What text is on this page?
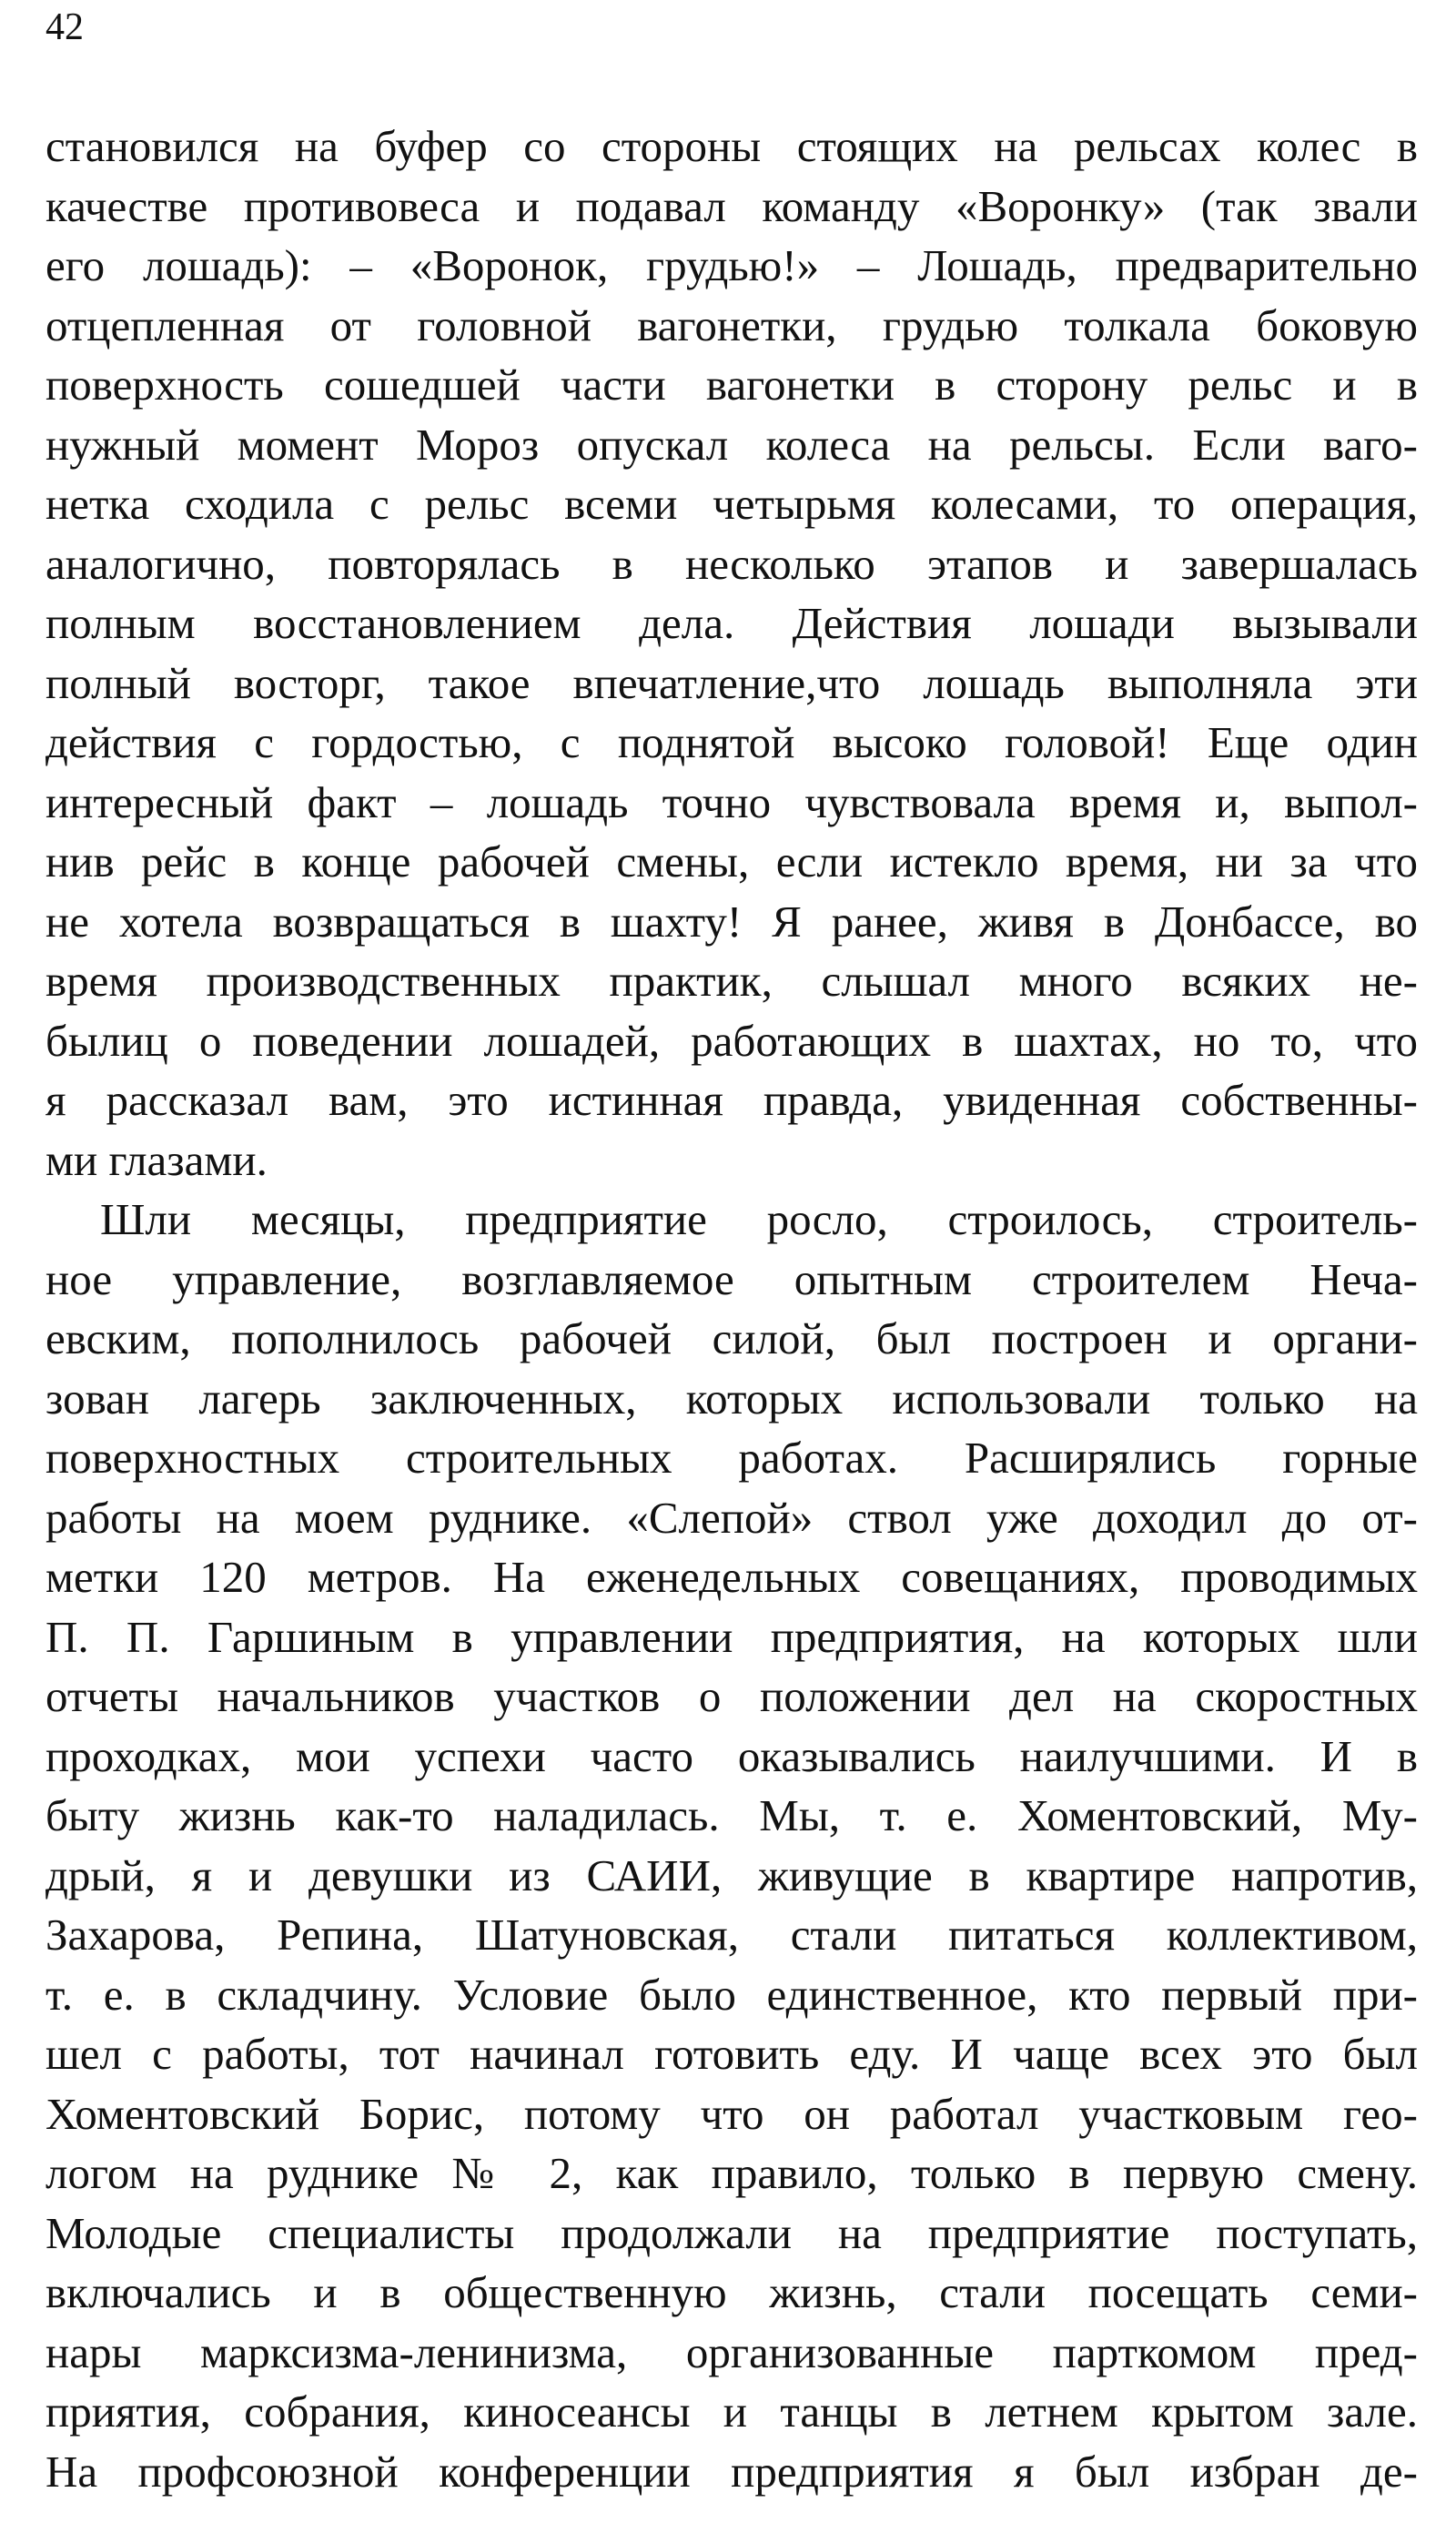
42
становился на буфер со стороны стоящих на рельсах колес в
качестве противовеса и подавал команду «Воронку» (так звали
его лошадь): – «Воронок, грудью!» – Лошадь, предварительно
отцепленная от головной вагонетки, грудью толкала боковую
поверхность сошедшей части вагонетки в сторону рельс и в
нужный момент Мороз опускал колеса на рельсы. Если ваго-
нетка сходила с рельс всеми четырьмя колесами, то операция,
аналогично, повторялась в несколько этапов и завершалась
полным восстановлением дела. Действия лошади вызывали
полный восторг, такое впечатление,что лошадь выполняла эти
действия с гордостью, с поднятой высоко головой! Еще один
интересный факт – лошадь точно чувствовала время и, выпол-
нив рейс в конце рабочей смены, если истекло время, ни за что
не хотела возвращаться в шахту! Я ранее, живя в Донбассе, во
время производственных практик, слышал много всяких не-
былиц о поведении лошадей, работающих в шахтах, но то, что
я рассказал вам, это истинная правда, увиденная собственны-
ми глазами.
Шли месяцы, предприятие росло, строилось, строитель-
ное управление, возглавляемое опытным строителем Неча-
евским, пополнилось рабочей силой, был построен и органи-
зован лагерь заключенных, которых использовали только на
поверхностных строительных работах. Расширялись горные
работы на моем руднике. «Слепой» ствол уже доходил до от-
метки 120 метров. На еженедельных совещаниях, проводимых
П. П. Гаршиным в управлении предприятия, на которых шли
отчеты начальников участков о положении дел на скоростных
проходках, мои успехи часто оказывались наилучшими. И в
быту жизнь как-то наладилась. Мы, т. е. Хоментовский, Му-
дрый, я и девушки из САИИ, живущие в квартире напротив,
Захарова, Репина, Шатуновская, стали питаться коллективом,
т. е. в складчину. Условие было единственное, кто первый при-
шел с работы, тот начинал готовить еду. И чаще всех это был
Хоментовский Борис, потому что он работал участковым гео-
логом на руднике № 2, как правило, только в первую смену.
Молодые специалисты продолжали на предприятие поступать,
включались и в общественную жизнь, стали посещать семи-
нары марксизма-ленинизма, организованные парткомом пред-
приятия, собрания, киносеансы и танцы в летнем крытом зале.
На профсоюзной конференции предприятия я был избран де-
